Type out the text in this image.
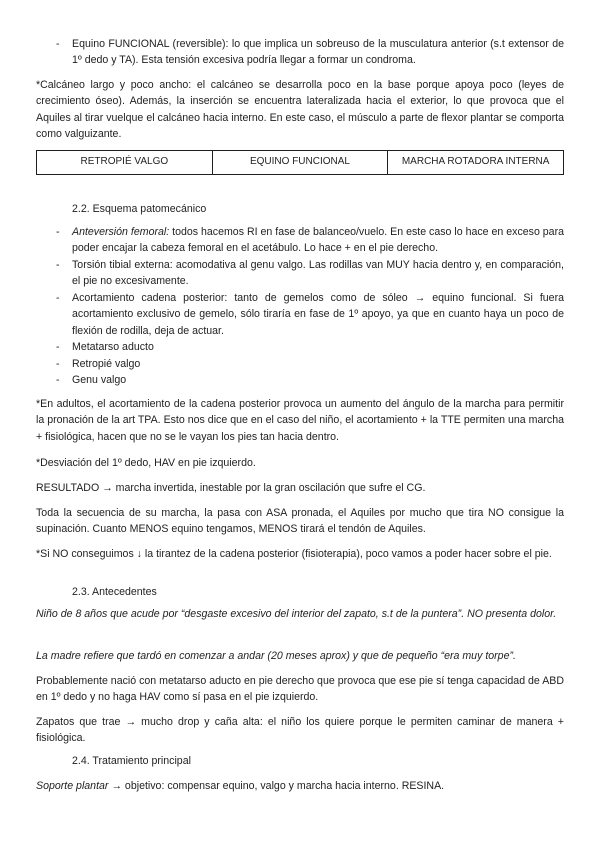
-	Equino FUNCIONAL (reversible): lo que implica un sobreuso de la musculatura anterior (s.t extensor de 1º dedo y TA). Esta tensión excesiva podría llegar a formar un condroma.

*Calcáneo largo y poco ancho: el calcáneo se desarrolla poco en la base porque apoya poco (leyes de crecimiento óseo). Además, la inserción se encuentra lateralizada hacia el exterior, lo que provoca que el Aquiles al tirar vuelque el calcáneo hacia interno. En este caso, el músculo a parte de flexor plantar se comporta como valguizante.

RETROPIÉ VALGO	EQUINO FUNCIONAL	MARCHA ROTADORA INTERNA
2.2. Esquema patomecánico
-	Anteversión femoral: todos hacemos RI en fase de balanceo/vuelo. En este caso lo hace en exceso para poder encajar la cabeza femoral en el acetábulo. Lo hace + en el pie derecho.

-	Torsión tibial externa: acomodativa al genu valgo. Las rodillas van MUY hacia dentro y, en comparación, el pie no excesivamente.

-	Acortamiento cadena posterior: tanto de gemelos como de sóleo → equino funcional. Si fuera acortamiento exclusivo de gemelo, sólo tiraría en fase de 1º apoyo, ya que en cuanto haya un poco de flexión de rodilla, deja de actuar.

-	Metatarso aducto

-	Retropié valgo

-	Genu valgo

*En adultos, el acortamiento de la cadena posterior provoca un aumento del ángulo de la marcha para permitir la pronación de la art TPA. Esto nos dice que en el caso del niño, el acortamiento + la TTE permiten una marcha + fisiológica, hacen que no se le vayan los pies tan hacia dentro.

*Desviación del 1º dedo, HAV en pie izquierdo.

RESULTADO → marcha invertida, inestable por la gran oscilación que sufre el CG.

Toda la secuencia de su marcha, la pasa con ASA pronada, el Aquiles por mucho que tira NO consigue la supinación. Cuanto MENOS equino tengamos, MENOS tirará el tendón de Aquiles.

*Si NO conseguimos ↓ la tirantez de la cadena posterior (fisioterapia), poco vamos a poder hacer sobre el pie.

2.3. Antecedentes

Niño de 8 años que acude por “desgaste excesivo del interior del zapato, s.t de la puntera”. NO presenta dolor.

La madre refiere que tardó en comenzar a andar (20 meses aprox) y que de pequeño “era muy torpe”.

Probablemente nació con metatarso aducto en pie derecho que provoca que ese pie sí tenga capacidad de ABD en 1º dedo y no haga HAV como sí pasa en el pie izquierdo.

Zapatos que trae → mucho drop y caña alta: el niño los quiere porque le permiten caminar de manera + fisiológica.

2.4. Tratamiento principal

Soporte plantar → objetivo: compensar equino, valgo y marcha hacia interno. RESINA.
